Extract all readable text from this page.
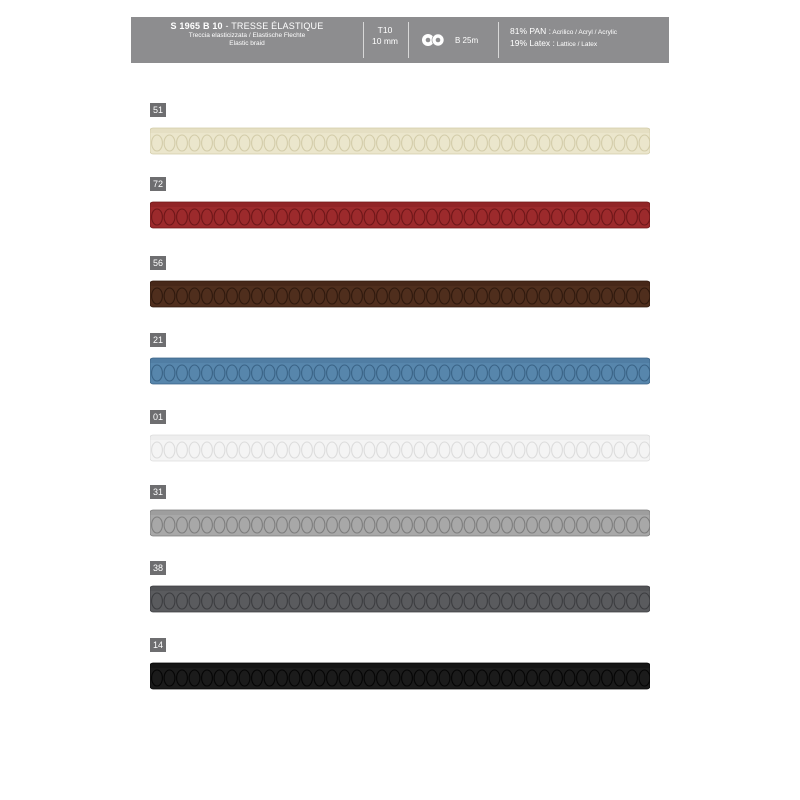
S 1965 B 10 - TRESSE ÉLASTIQUE
Treccia elasticizzata / Elastische Flechte
Elastic braid
T10
10 mm	B 25m
81% PAN : Acrilico / Acryl / Acrylic
19% Latex : Lattice / Latex
51
72
56
21
01
31
38
14
